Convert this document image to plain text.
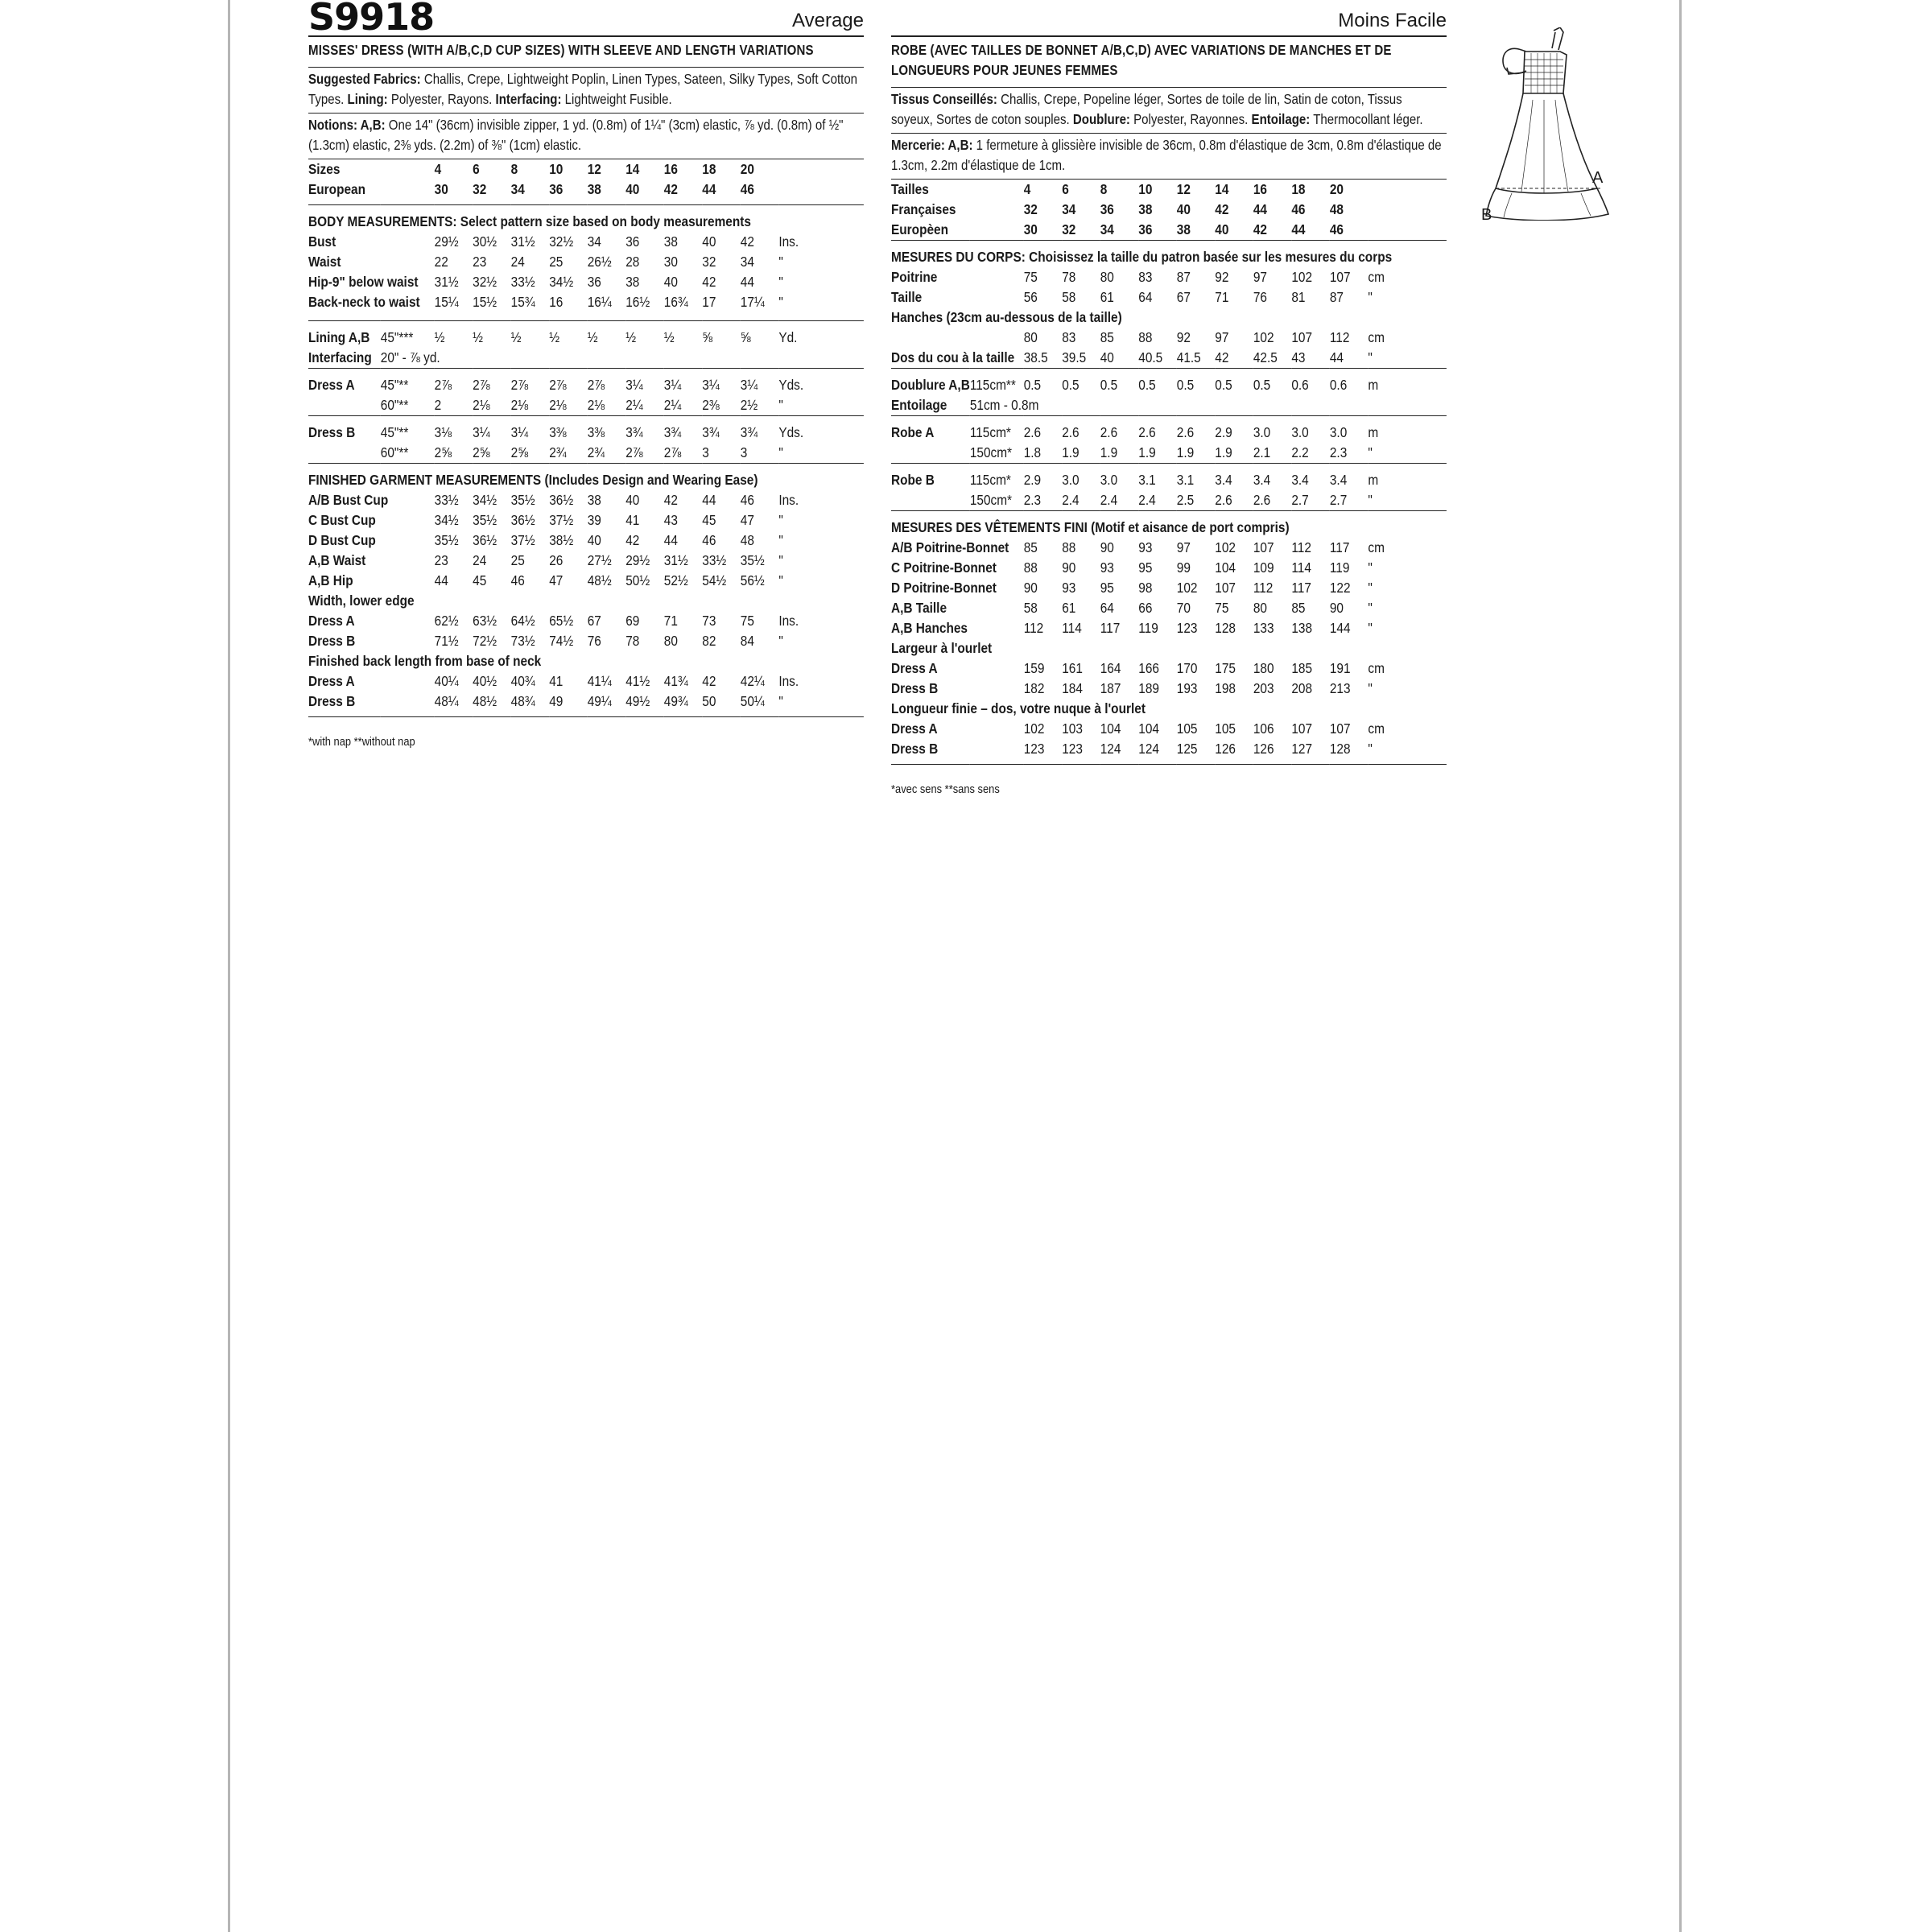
S9918	Average
MISSES' DRESS (WITH A/B,C,D CUP SIZES) WITH SLEEVE AND LENGTH VARIATIONS
Suggested Fabrics: Challis, Crepe, Lightweight Poplin, Linen Types, Sateen, Silky Types, Soft Cotton Types. Lining: Polyester, Rayons. Interfacing: Lightweight Fusible.
Notions: A,B: One 14" (36cm) invisible zipper, 1 yd. (0.8m) of 1¼" (3cm) elastic, ⅞ yd. (0.8m) of ½" (1.3cm) elastic, 2⅜ yds. (2.2m) of ⅜" (1cm) elastic.
Sizes		4	6	8	10	12	14	16	18	20	
European		30	32	34	36	38	40	42	44	46	

BODY MEASUREMENTS: Select pattern size based on body measurements											
Bust		29½	30½	31½	32½	34	36	38	40	42	Ins.
Waist		22	23	24	25	26½	28	30	32	34	"
Hip-9" below waist		31½	32½	33½	34½	36	38	40	42	44	"
Back-neck to waist		15¼	15½	15¾	16	16¼	16½	16¾	17	17¼	"

Lining A,B	45"***	½	½	½	½	½	½	½	⅝	⅝	Yd.
Interfacing	20" - ⅞ yd.										

Dress A	45"**	2⅞	2⅞	2⅞	2⅞	2⅞	3¼	3¼	3¼	3¼	Yds.
	60"**	2	2⅛	2⅛	2⅛	2⅛	2¼	2¼	2⅜	2½	"

Dress B	45"**	3⅛	3¼	3¼	3⅜	3⅜	3¾	3¾	3¾	3¾	Yds.
	60"**	2⅝	2⅝	2⅝	2¾	2¾	2⅞	2⅞	3	3	"

FINISHED GARMENT MEASUREMENTS (Includes Design and Wearing Ease)											
A/B Bust Cup		33½	34½	35½	36½	38	40	42	44	46	Ins.
C Bust Cup		34½	35½	36½	37½	39	41	43	45	47	"
D Bust Cup		35½	36½	37½	38½	40	42	44	46	48	"
A,B Waist		23	24	25	26	27½	29½	31½	33½	35½	"
A,B Hip		44	45	46	47	48½	50½	52½	54½	56½	"
Width, lower edge											
Dress A		62½	63½	64½	65½	67	69	71	73	75	Ins.
Dress B		71½	72½	73½	74½	76	78	80	82	84	"
Finished back length from base of neck											
Dress A		40¼	40½	40¾	41	41¼	41½	41¾	42	42¼	Ins.
Dress B		48¼	48½	48¾	49	49¼	49½	49¾	50	50¼	"

*with nap **without nap
Moins Facile
ROBE (AVEC TAILLES DE BONNET A/B,C,D) AVEC VARIATIONS DE MANCHES ET DE LONGUEURS POUR JEUNES FEMMES
Tissus Conseillés: Challis, Crepe, Popeline léger, Sortes de toile de lin, Satin de coton, Tissus soyeux, Sortes de coton souples. Doublure: Polyester, Rayonnes. Entoilage: Thermocollant léger.
Mercerie: A,B: 1 fermeture à glissière invisible de 36cm, 0.8m d'élastique de 3cm, 0.8m d'élastique de 1.3cm, 2.2m d'élastique de 1cm.
Tailles		4	6	8	10	12	14	16	18	20	
Françaises		32	34	36	38	40	42	44	46	48	
Europèen		30	32	34	36	38	40	42	44	46	

MESURES DU CORPS: Choisissez la taille du patron basée sur les mesures du corps											
Poitrine		75	78	80	83	87	92	97	102	107	cm
Taille		56	58	61	64	67	71	76	81	87	"
Hanches (23cm au-dessous de la taille)											
		80	83	85	88	92	97	102	107	112	cm
Dos du cou à la taille		38.5	39.5	40	40.5	41.5	42	42.5	43	44	"

Doublure A,B	115cm**	0.5	0.5	0.5	0.5	0.5	0.5	0.5	0.6	0.6	m
Entoilage	51cm - 0.8m										

Robe A	115cm*	2.6	2.6	2.6	2.6	2.6	2.9	3.0	3.0	3.0	m
	150cm*	1.8	1.9	1.9	1.9	1.9	1.9	2.1	2.2	2.3	"

Robe B	115cm*	2.9	3.0	3.0	3.1	3.1	3.4	3.4	3.4	3.4	m
	150cm*	2.3	2.4	2.4	2.4	2.5	2.6	2.6	2.7	2.7	"

MESURES DES VÊTEMENTS FINI (Motif et aisance de port compris)											
A/B Poitrine-Bonnet		85	88	90	93	97	102	107	112	117	cm
C Poitrine-Bonnet		88	90	93	95	99	104	109	114	119	"
D Poitrine-Bonnet		90	93	95	98	102	107	112	117	122	"
A,B Taille		58	61	64	66	70	75	80	85	90	"
A,B Hanches		112	114	117	119	123	128	133	138	144	"
Largeur à l'ourlet											
Dress A		159	161	164	166	170	175	180	185	191	cm
Dress B		182	184	187	189	193	198	203	208	213	"
Longueur finie – dos, votre nuque à l'ourlet											
Dress A		102	103	104	104	105	105	106	107	107	cm
Dress B		123	123	124	124	125	126	126	127	128	"

*avec sens **sans sens
A
B
